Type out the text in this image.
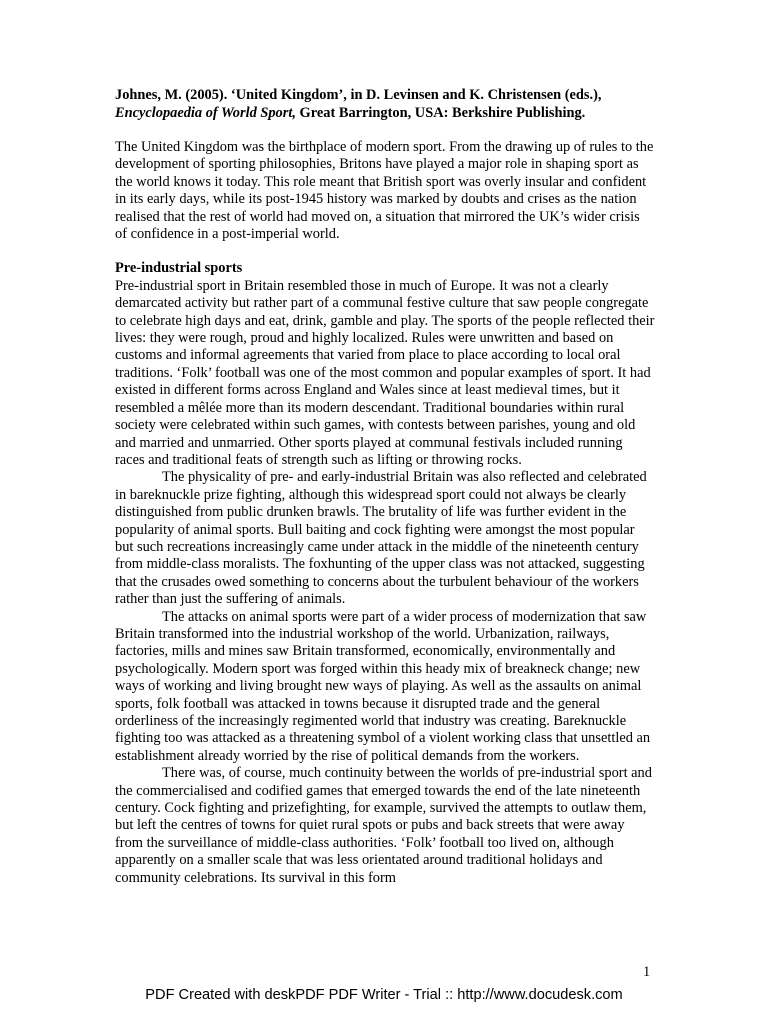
Johnes, M. (2005). ‘United Kingdom’, in D. Levinsen and K. Christensen (eds.), Encyclopaedia of World Sport, Great Barrington, USA: Berkshire Publishing.

The United Kingdom was the birthplace of modern sport. From the drawing up of rules to the development of sporting philosophies, Britons have played a major role in shaping sport as the world knows it today. This role meant that British sport was overly insular and confident in its early days, while its post-1945 history was marked by doubts and crises as the nation realised that the rest of world had moved on, a situation that mirrored the UK’s wider crisis of confidence in a post-imperial world.

Pre-industrial sports

Pre-industrial sport in Britain resembled those in much of Europe. It was not a clearly demarcated activity but rather part of a communal festive culture that saw people congregate to celebrate high days and eat, drink, gamble and play. The sports of the people reflected their lives: they were rough, proud and highly localized. Rules were unwritten and based on customs and informal agreements that varied from place to place according to local oral traditions. ‘Folk’ football was one of the most common and popular examples of sport. It had existed in different forms across England and Wales since at least medieval times, but it resembled a mêlée more than its modern descendant. Traditional boundaries within rural society were celebrated within such games, with contests between parishes, young and old and married and unmarried. Other sports played at communal festivals included running races and traditional feats of strength such as lifting or throwing rocks.

The physicality of pre- and early-industrial Britain was also reflected and celebrated in bareknuckle prize fighting, although this widespread sport could not always be clearly distinguished from public drunken brawls. The brutality of life was further evident in the popularity of animal sports. Bull baiting and cock fighting were amongst the most popular but such recreations increasingly came under attack in the middle of the nineteenth century from middle-class moralists. The foxhunting of the upper class was not attacked, suggesting that the crusades owed something to concerns about the turbulent behaviour of the workers rather than just the suffering of animals.

The attacks on animal sports were part of a wider process of modernization that saw Britain transformed into the industrial workshop of the world. Urbanization, railways, factories, mills and mines saw Britain transformed, economically, environmentally and psychologically. Modern sport was forged within this heady mix of breakneck change; new ways of working and living brought new ways of playing. As well as the assaults on animal sports, folk football was attacked in towns because it disrupted trade and the general orderliness of the increasingly regimented world that industry was creating. Bareknuckle fighting too was attacked as a threatening symbol of a violent working class that unsettled an establishment already worried by the rise of political demands from the workers.

There was, of course, much continuity between the worlds of pre-industrial sport and the commercialised and codified games that emerged towards the end of the late nineteenth century. Cock fighting and prizefighting, for example, survived the attempts to outlaw them, but left the centres of towns for quiet rural spots or pubs and back streets that were away from the surveillance of middle-class authorities. ‘Folk’ football too lived on, although apparently on a smaller scale that was less orientated around traditional holidays and community celebrations. Its survival in this form

1
PDF Created with deskPDF PDF Writer - Trial :: http://www.docudesk.com
